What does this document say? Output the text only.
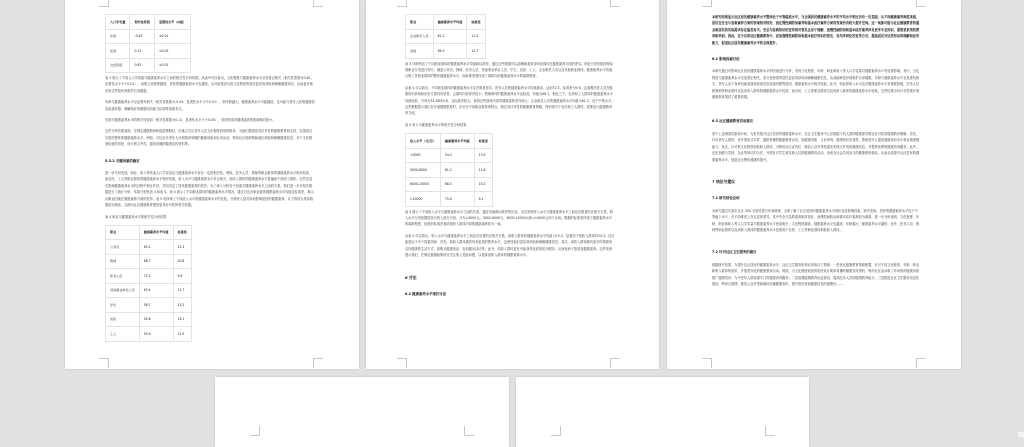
人口学变量	相关性系数	显著性水平（p值）
年龄	-0.45	<0.01
性别	0.12	<0.05
文化程度	0.62	<0.01

表 3 展示了不同人口学因素与健康素养水平之间的相关性分析结果。从表中可以看出，文化程度与健康素养水平呈显著正相关（相关性系数为0.62，显著性水平小于0.01），表明文化程度越高，居民的健康素养水平也越高。这可能是因为高文化程度的居民更容易获取和理解健康知识，从而更好地应用这些知识来维护自身健康。

年龄与健康素养水平呈显著负相关（相关性系数为-0.45，显著性水平小于0.01），即年龄越大，健康素养水平可能越低。这可能与老年人获取健康信息渠道有限、理解和应用健康知识能力较弱等因素有关。

性别与健康素养水平的相关性较弱（相关性系数为0.12，显著性水平小于0.05），说明性别对健康素养的影响相对较小。

这些分析结果表明，在制定健康教育和促进策略时，应重点关注老年人及文化程度较低的群体，为他们提供更具针对性的健康教育和支持，以提高社区居民整体的健康素养水平。例如，可以针对老年人开展简单易懂的健康讲座和互动活动，利用社区资源帮助他们获取和理解健康信息；对于文化程度较低的居民，设计图文并茂、通俗易懂的健康宣传资料等。

5.3.2 关键因素的确定

进一步分析发现，职业、收入等其他人口学变量也与健康素养水平存在一定的相关性。例如，医务人员、教师等职业群体的健康素养水平相对较高，而农民、工人等职业群体的健康素养水平相对较低。收入水平与健康素养水平呈正相关，高收入群体的健康素养水平普遍高于低收入群体。这些变量在影响健康素养水平的过程中相互作用，共同决定了居民健康素养的差异。为了深入分析各个因素对健康素养水平之间的关系，我们进一步对相关数据进行了统计分析，结果分别见表 4 和表 5。表 4 展示了不同职业群体的健康素养水平情况，通过对比各职业群体健康素养水平均值及标准差，揭示出职业因素在健康素养方面的差异。表 5 则体现了不同收入水平的健康素养水平的比较，分析收入层次如何影响居民的健康素养，以下将结合具体数据进行阐述，以期为社区健康教育提供更具针对性的科学依据。

表 4 职业与健康素养水平的相关性分析结果
职业	健康素养水平均值	标准差
公务员	65.2	12.3
教师	68.7	10.8
医务人员	72.5	9.6
其他事业单位人员	63.4	11.7
学生	58.7	13.2
农民	52.6	14.1
工人	55.6	12.9
职业	健康素养水平均值	标准差
企业职员人员	61.2	11.4
其他	56.9	12.7

表 4 详细列出了不同职业群体的健康素养水平均值和标准差。通过这些数据可以清晰地看到各职业群体在健康素养方面的差异。职业分类依据国家标准职业分类进行划分，涵盖公务员、教师、医务人员、其他事业单位人员、学生、农民、工人、企业职员人员以及其他职业群体。健康素养水平均值反映了各职业群体的整体健康素养水平，而标准差则体现了群体内部健康素养水平的离散程度。

从表 4 可以看出，不同职业群体的健康素养水平存在明显差异。医务人员的健康素养水平均值最高，达到72.5，标准差为9.6，这表明医务人员在健康知识获取和应用方面具有优势，且群体内部差异较小。教师群体的健康素养水平也较高，均值为68.7。相比之下，农民和工人群体的健康素养水平均值较低，分别为52.6和55.6，且标准差较大，说明这些群体内部的健康素养差异较大。企业职员人员的健康素养水平均值为61.2，处于中等水平。这些数据提示我们在开展健康教育时，应针对不同职业群体的特点，制定有针对性的健康教育策略，特别是对于农民和工人群体，需要加大健康教育的力度。

表 5 收入与健康素养水平的相关性分析结果
收入水平（元/月）	健康素养水平均值	标准差
<3000	54.3	13.5
3000-6000	61.2	11.8
6000-10000	68.5	10.2
>10000	75.4	8.1

表 5 展示了不同收入水平与健康素养水平之间的关系。通过均值和标准差的比较，可以发现收入水平与健康素养水平之间存在明显的正相关关系。收入水平分类依据居民月收入进行分组，分为<3000元、3000-6000元、6000-10000元和>10000元四个区间。数据的标准差体现了健康素养水平的离散程度，较低的标准差表明该收入群体内部的健康素养较为一致。

从表 5 可以看出，收入水平与健康素养水平之间存在显著的正相关关系。高收入群体的健康素养水平均值为75.4，显著高于低收入群体的54.3。这可能是由于多个因素所致：首先，高收入群体通常具有更高的教育水平，这使得他们更容易获取和理解健康信息；其次，高收入群体拥有更多的资源来支持健康的生活方式，如购买健康食品、参加健身活动等；此外，高收入群体更有可能获得优质的医疗服务，从而有助于提高其健康素养。这些发现提示我们，在制定健康政策时应关注收入差距问题，以提高低收入群体的健康素养水平。

6 讨论
6.1 健康素养水平现状讨论

本研究结果显示社区居民健康素养水平整体处于中等偏低水平，与全国居民健康素养水平的平均水平相比仍有一定差距。从不同健康素养维度来看，居民在安全与急救素养方面的表现相对较好，而在慢性病防治素养和基本医疗素养方面的表现仍有较大提升空间。这一现象可能与社区健康教育的重点和居民的实际需求存在偏差有关。安全与急救知识的宣传相对普及且易于理解，而慢性病防治和基本医疗素养涉及更多专业知识，需要更系统的教育和培训。因此，在今后的社区健康教育中，应加强慢性病防治和基本医疗知识的普及，采用多样化的宣传方式，提高居民对这些知识的理解和应用能力，促进社区居民健康素养水平的全面提升。

6.2 影响因素讨论

本研究通过对影响社区居民健康素养水平的因素进行分析，发现文化程度、年龄、职业和收入等人口学变量对健康素养水平有显著影响。其中，文化程度与健康素养水平呈显著正相关，高文化程度的居民更容易获取和理解健康信息，从而能够更好地维护自身健康。年龄与健康素养水平呈显著负相关，老年人由于身体机能衰退和获取信息渠道有限等原因，健康素养水平相对较低。此外，职业和收入水平也对健康素养水平有重要影响，医务人员和教师等职业群体以及高收入群体的健康素养水平较高，而农民、工人等职业群体以及低收入群体的健康素养水平较低。这些结果为有针对性地开展健康教育提供了重要依据。

6.3 社区健康教育活动建议

基于上述调查结果和分析，为有效提升社区居民的健康素养水平，社区卫生服务中心应根据不同人群的健康需求制定针对性的健康教育策略。首先，针对老年人群体，应开展形式多样、通俗易懂的健康教育活动，如健康讲座、义诊咨询、健康知识竞赛等，帮助老年人提高健康知识水平和自我保健能力；其次，针对低文化程度和低收入群体，可利用社区宣传栏、微信公众号等渠道发布图文并茂的健康信息，并提供免费的健康咨询服务；此外，还应加强与学校、企业等单位的合作，开展针对学生和在职人员的健康教育活动，形成全社会共同参与的健康教育格局，从而全面提升社区居民的健康素养水平，促进社区整体健康的提升。

7 结论与建议
7.1 研究结论总结

本研究通过对某市社区 300 名居民进行问卷调查，全面了解了社区居民的健康素养水平现状及其影响因素。研究发现，居民的健康素养水平处于中等偏下水平，在不同维度上存在显著差异，其中安全与急救素养相对较好，而慢性病防治和基本医疗素养较为薄弱。进一步分析表明，文化程度、年龄、职业和收入等人口学变量与健康素养水平密切相关：文化程度越高，健康素养水平也越高；年龄越大，健康素养水平越低；此外，医务人员、教师等职业群体以及高收入群体的健康素养水平显著高于农民、工人等职业群体和低收入群体。

7.2 针对社区卫生服务的建议

根据研究结果，为提升社区居民的健康素养水平，社区卫生服务机构应采取以下措施：一是优化健康教育资源配置，针对不同文化程度、年龄、职业和收入群体的需求，开展差异化的健康教育活动。例如，为文化程度较低的居民设计简单易懂的健康宣传资料，利用社区活动和工作场所的健康讲座推广健康知识；为中老年人群设置专门的健康咨询服务；二是加强健康教育队伍建设，提高医务人员的健康教育能力；三是推进社区卫生服务信息化建设，利用互联网、微信公众号等新媒体传播健康知识，提升居民获取健康信息的便捷性……
